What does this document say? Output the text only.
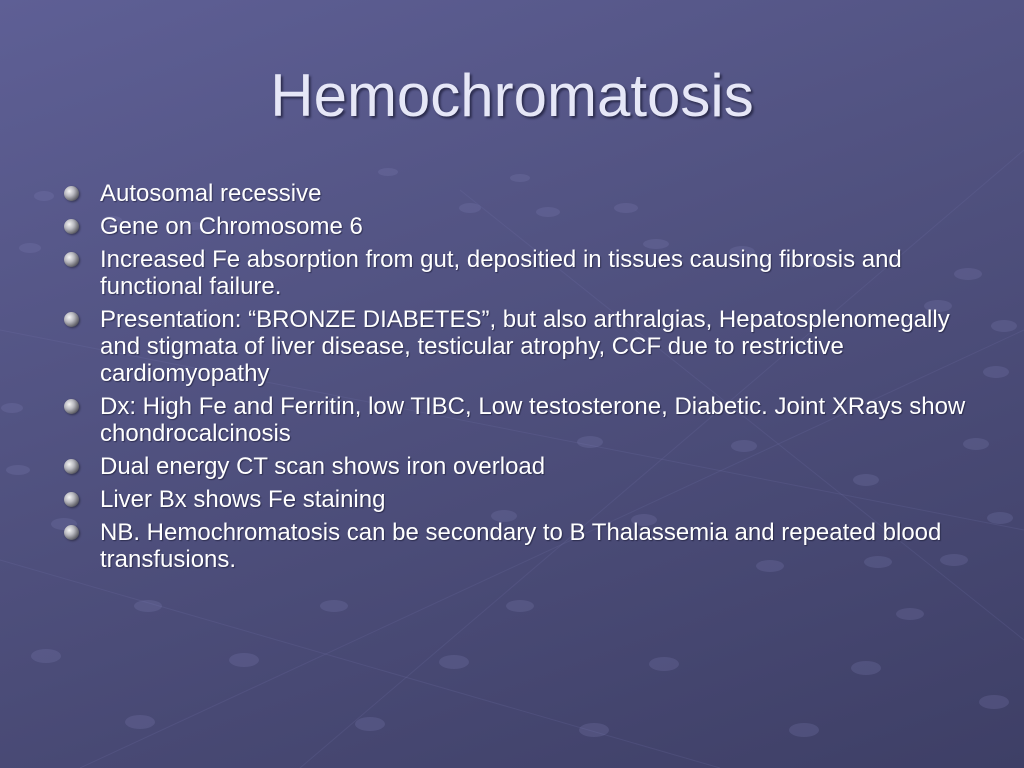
Hemochromatosis
Autosomal recessive
Gene on Chromosome 6
Increased Fe absorption from gut, depositied in tissues causing fibrosis and functional failure.
Presentation: “BRONZE DIABETES”, but also arthralgias, Hepatosplenomegally and stigmata of liver disease, testicular atrophy, CCF due to restrictive cardiomyopathy
Dx: High Fe and Ferritin, low TIBC, Low testosterone, Diabetic. Joint XRays show chondrocalcinosis
Dual energy CT scan shows iron overload
Liver Bx shows Fe staining
NB. Hemochromatosis can be secondary to B Thalassemia and repeated blood transfusions.
